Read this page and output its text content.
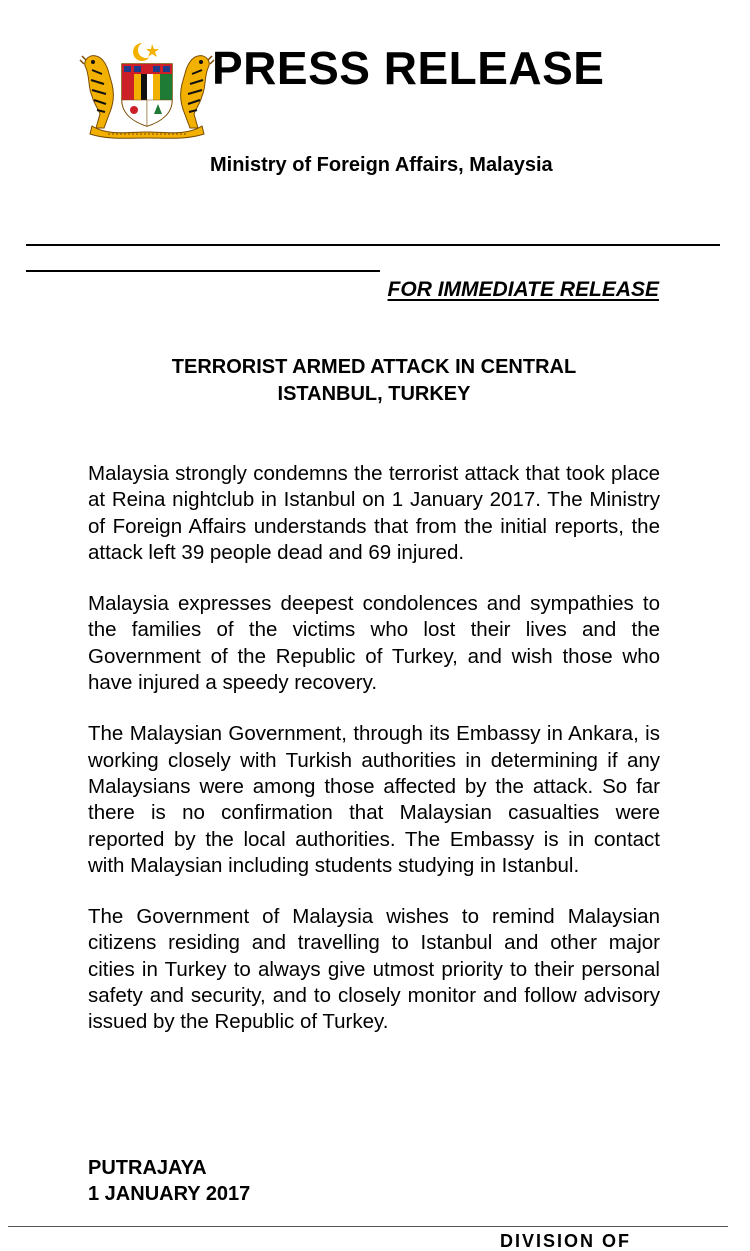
PRESS RELEASE
Ministry of Foreign Affairs, Malaysia
FOR IMMEDIATE RELEASE
TERRORIST ARMED ATTACK IN CENTRAL
ISTANBUL, TURKEY

Malaysia strongly condemns the terrorist attack that took place at Reina nightclub in Istanbul on 1 January 2017. The Ministry of Foreign Affairs understands that from the initial reports, the attack left 39 people dead and 69 injured.

Malaysia expresses deepest condolences and sympathies to the families of the victims who lost their lives and the Government of the Republic of Turkey, and wish those who have injured a speedy recovery.

The Malaysian Government, through its Embassy in Ankara, is working closely with Turkish authorities in determining if any Malaysians were among those affected by the attack. So far there is no confirmation that Malaysian casualties were reported by the local authorities. The Embassy is in contact with Malaysian including students studying in Istanbul.

The Government of Malaysia wishes to remind Malaysian citizens residing and travelling to Istanbul and other major cities in Turkey to always give utmost priority to their personal safety and security, and to closely monitor and follow advisory issued by the Republic of Turkey.

PUTRAJAYA
1 JANUARY 2017
DIVISION OF
